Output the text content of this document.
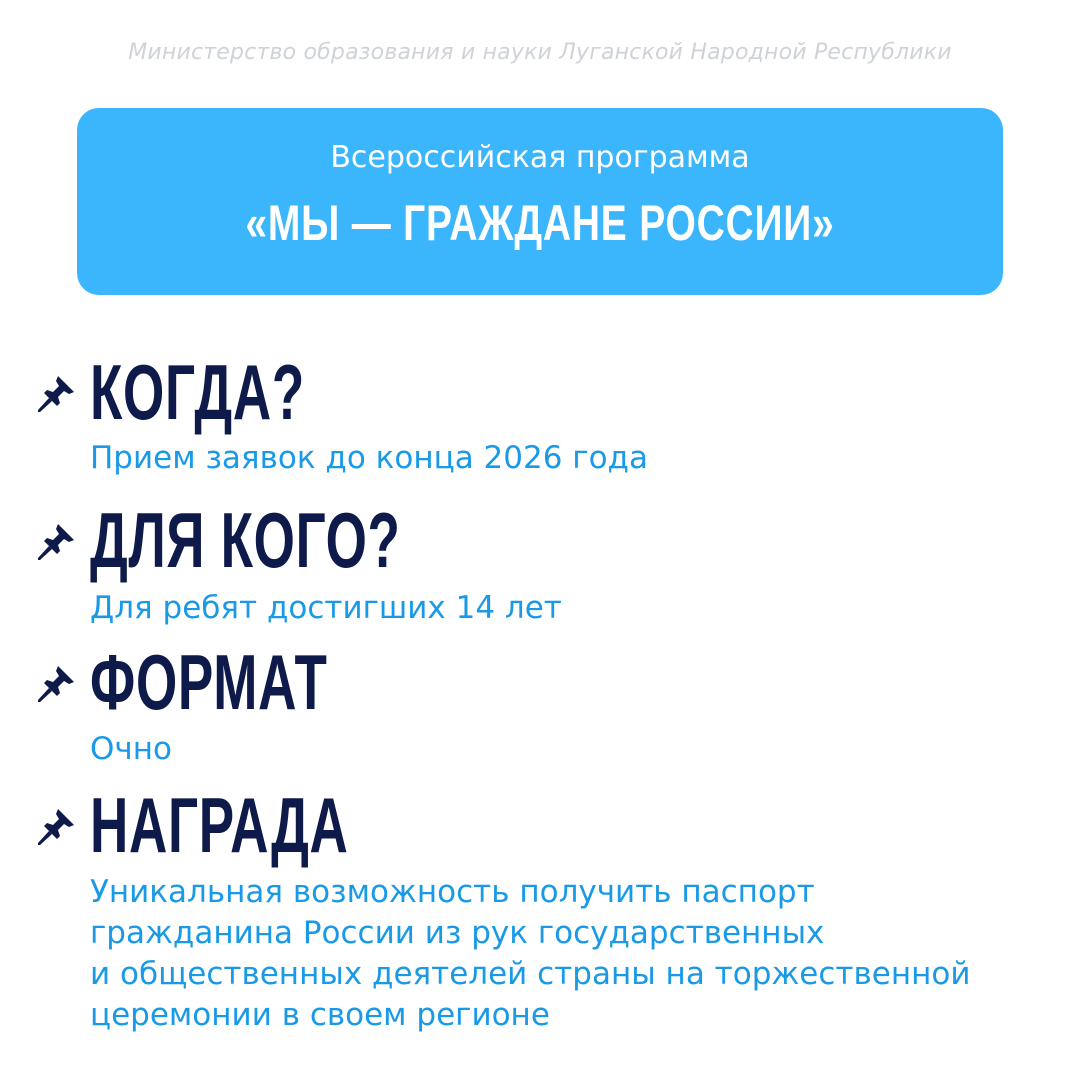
Министерство образования и науки Луганской Народной Республики
Всероссийская программа
«МЫ — ГРАЖДАНЕ РОССИИ»
КОГДА?
Прием заявок до конца 2026 года
ДЛЯ КОГО?
Для ребят достигших 14 лет
ФОРМАТ
Очно
НАГРАДА
Уникальная возможность получить паспорт
гражданина России из рук государственных
и общественных деятелей страны на торжественной
церемонии в своем регионе
